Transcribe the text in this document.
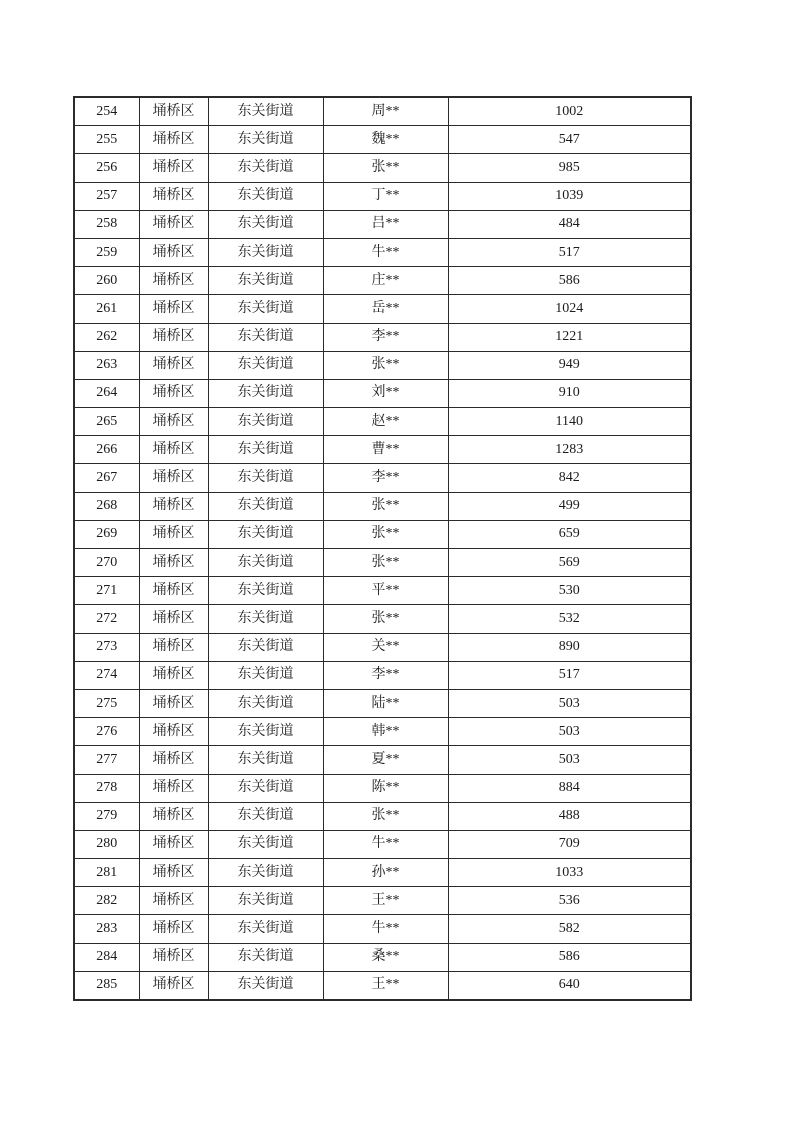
254	埇桥区	东关街道	周**	1002
255	埇桥区	东关街道	魏**	547
256	埇桥区	东关街道	张**	985
257	埇桥区	东关街道	丁**	1039
258	埇桥区	东关街道	吕**	484
259	埇桥区	东关街道	牛**	517
260	埇桥区	东关街道	庄**	586
261	埇桥区	东关街道	岳**	1024
262	埇桥区	东关街道	李**	1221
263	埇桥区	东关街道	张**	949
264	埇桥区	东关街道	刘**	910
265	埇桥区	东关街道	赵**	1140
266	埇桥区	东关街道	曹**	1283
267	埇桥区	东关街道	李**	842
268	埇桥区	东关街道	张**	499
269	埇桥区	东关街道	张**	659
270	埇桥区	东关街道	张**	569
271	埇桥区	东关街道	平**	530
272	埇桥区	东关街道	张**	532
273	埇桥区	东关街道	关**	890
274	埇桥区	东关街道	李**	517
275	埇桥区	东关街道	陆**	503
276	埇桥区	东关街道	韩**	503
277	埇桥区	东关街道	夏**	503
278	埇桥区	东关街道	陈**	884
279	埇桥区	东关街道	张**	488
280	埇桥区	东关街道	牛**	709
281	埇桥区	东关街道	孙**	1033
282	埇桥区	东关街道	王**	536
283	埇桥区	东关街道	牛**	582
284	埇桥区	东关街道	桑**	586
285	埇桥区	东关街道	王**	640
